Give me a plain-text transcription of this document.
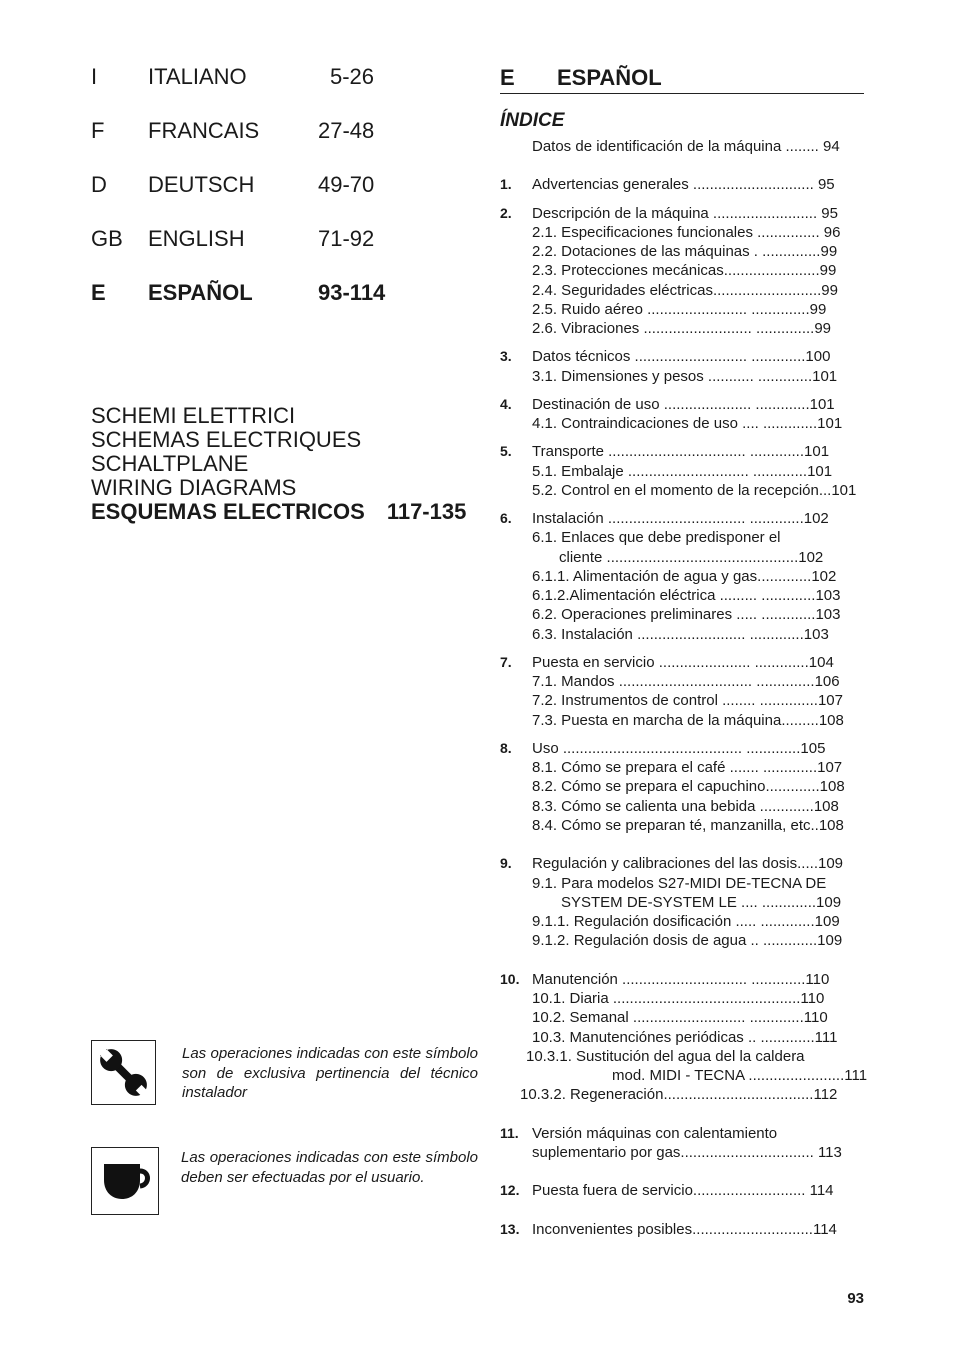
I ITALIANO	5-26
F FRANCAIS	27-48
D DEUTSCH	49-70
GB ENGLISH	71-92
E ESPAÑOL	93-114
SCHEMI ELETTRICI
SCHEMAS ELECTRIQUES
SCHALTPLANE
WIRING DIAGRAMS
ESQUEMAS ELECTRICOS 117-135
Las operaciones indicadas con este símbolo son de exclusiva pertinencia del técnico instalador
Las operaciones indicadas con este símbolo deben ser efectuadas por el usuario.
E ESPAÑOL
ÍNDICE
Datos de identificación de la máquina ........ 94
1. Advertencias generales ............................. 95
2. Descripción de la máquina ......................... 95
2.1. Especificaciones funcionales ............... 96
2.2. Dotaciones de las máquinas . ..............99
2.3. Protecciones mecánicas.......................99
2.4. Seguridades eléctricas..........................99
2.5. Ruido aéreo ........................ ..............99
2.6. Vibraciones .......................... ..............99
3. Datos técnicos ........................... .............100
3.1. Dimensiones y pesos ........... .............101
4. Destinación de uso ..................... .............101
4.1. Contraindicaciones de uso .... .............101
5. Transporte ................................. .............101
5.1. Embalaje ............................. .............101
5.2. Control en el momento de la recepción...101
6. Instalación ................................. .............102
6.1. Enlaces que debe predisponer el
cliente ..............................................102
6.1.1. Alimentación de agua y gas.............102
6.1.2.Alimentación eléctrica ......... .............103
6.2. Operaciones preliminares ..... .............103
6.3. Instalación .......................... .............103
7. Puesta en servicio ...................... .............104
7.1. Mandos ................................ ..............106
7.2. Instrumentos de control ........ ..............107
7.3. Puesta en marcha de la máquina.........108
8. Uso ........................................... .............105
8.1. Cómo se prepara el café ....... .............107
8.2. Cómo se prepara el capuchino.............108
8.3. Cómo se calienta una bebida .............108
8.4. Cómo se preparan té, manzanilla, etc..108
9. Regulación y calibraciones del las dosis.....109
9.1. Para modelos S27-MIDI DE-TECNA DE
SYSTEM DE-SYSTEM LE .... .............109
9.1.1. Regulación dosificación ..... .............109
9.1.2. Regulación dosis de agua .. .............109
10. Manutención .............................. .............110
10.1. Diaria .............................................110
10.2. Semanal ........................... .............110
10.3. Manutenciónes periódicas .. .............111
10.3.1. Sustitución del agua del la caldera
mod. MIDI - TECNA .......................111
10.3.2. Regeneración....................................112
11. Versión máquinas con calentamiento
suplementario por gas................................ 113
12. Puesta fuera de servicio........................... 114
13. Inconvenientes posibles.............................114
93
